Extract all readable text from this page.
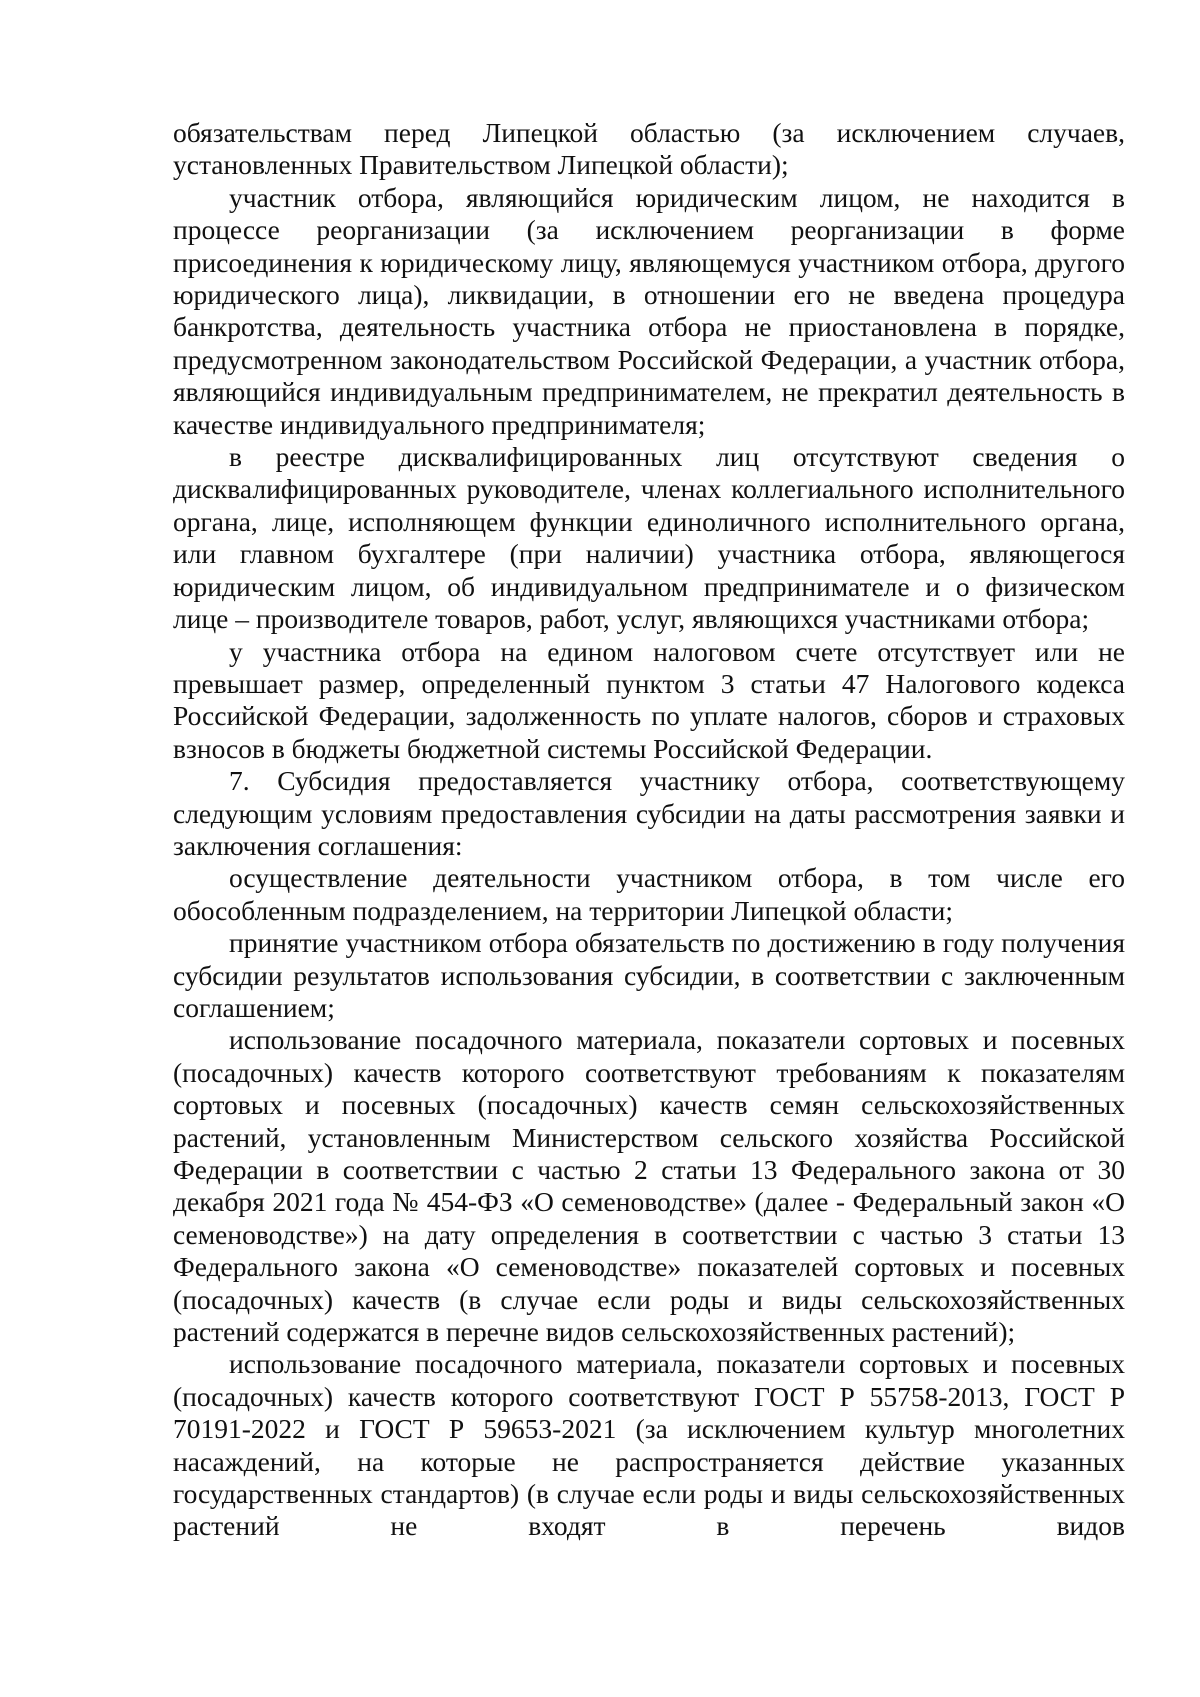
обязательствам перед Липецкой областью (за исключением случаев, установленных Правительством Липецкой области);

участник отбора, являющийся юридическим лицом, не находится в процессе реорганизации (за исключением реорганизации в форме присоединения к юридическому лицу, являющемуся участником отбора, другого юридического лица), ликвидации, в отношении его не введена процедура банкротства, деятельность участника отбора не приостановлена в порядке, предусмотренном законодательством Российской Федерации, а участник отбора, являющийся индивидуальным предпринимателем, не прекратил деятельность в качестве индивидуального предпринимателя;

в реестре дисквалифицированных лиц отсутствуют сведения о дисквалифицированных руководителе, членах коллегиального исполнительного органа, лице, исполняющем функции единоличного исполнительного органа, или главном бухгалтере (при наличии) участника отбора, являющегося юридическим лицом, об индивидуальном предпринимателе и о физическом лице – производителе товаров, работ, услуг, являющихся участниками отбора;

у участника отбора на едином налоговом счете отсутствует или не превышает размер, определенный пунктом 3 статьи 47 Налогового кодекса Российской Федерации, задолженность по уплате налогов, сборов и страховых взносов в бюджеты бюджетной системы Российской Федерации.

7. Субсидия предоставляется участнику отбора, соответствующему следующим условиям предоставления субсидии на даты рассмотрения заявки и заключения соглашения:

осуществление деятельности участником отбора, в том числе его обособленным подразделением, на территории Липецкой области;

принятие участником отбора обязательств по достижению в году получения субсидии результатов использования субсидии, в соответствии с заключенным соглашением;

использование посадочного материала, показатели сортовых и посевных (посадочных) качеств которого соответствуют требованиям к показателям сортовых и посевных (посадочных) качеств семян сельскохозяйственных растений, установленным Министерством сельского хозяйства Российской Федерации в соответствии с частью 2 статьи 13 Федерального закона от 30 декабря 2021 года № 454-ФЗ «О семеноводстве» (далее - Федеральный закон «О семеноводстве») на дату определения в соответствии с частью 3 статьи 13 Федерального закона «О семеноводстве» показателей сортовых и посевных (посадочных) качеств (в случае если роды и виды сельскохозяйственных растений содержатся в перечне видов сельскохозяйственных растений);

использование посадочного материала, показатели сортовых и посевных (посадочных) качеств которого соответствуют ГОСТ Р 55758-2013, ГОСТ Р 70191-2022 и ГОСТ Р 59653-2021 (за исключением культур многолетних насаждений, на которые не распространяется действие указанных государственных стандартов) (в случае если роды и виды сельскохозяйственных растений не входят в перечень видов
